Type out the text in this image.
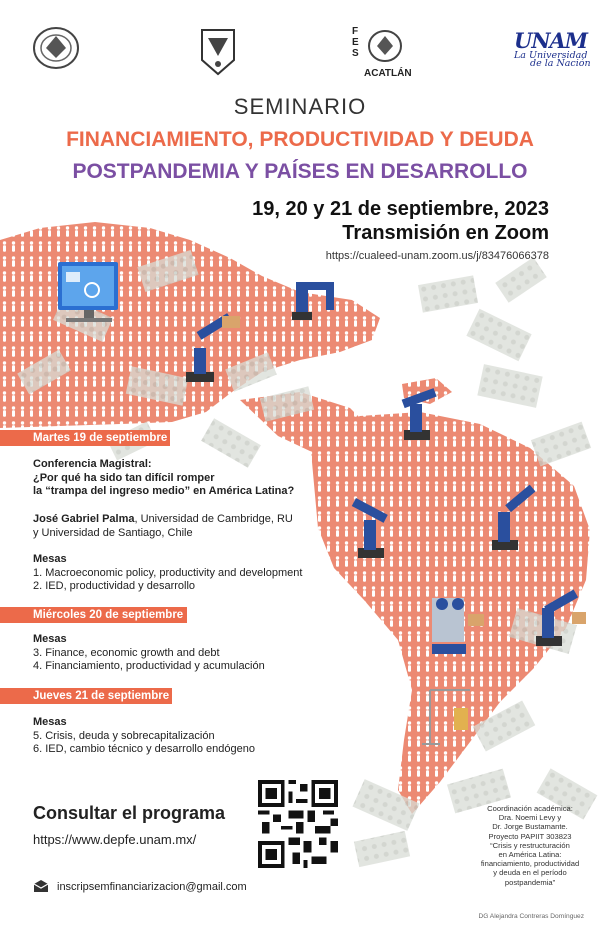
FES
ACATLÁN
UNAM
La Universidad
de la Nación
SEMINARIO
FINANCIAMIENTO, PRODUCTIVIDAD Y DEUDA
POSTPANDEMIA Y PAÍSES EN DESARROLLO
19, 20 y 21 de septiembre, 2023
Transmisión en Zoom
https://cualeed-unam.zoom.us/j/83476066378
Martes 19 de septiembre
Conferencia Magistral:
¿Por qué ha sido tan difícil romper
la “trampa del ingreso medio” en América Latina?
José Gabriel Palma, Universidad de Cambridge, RU
y Universidad de Santiago, Chile
Mesas
1. Macroeconomic policy, productivity and development
2. IED, productividad y desarrollo
Miércoles 20 de septiembre
Mesas
3. Finance, economic growth and debt
4. Financiamiento, productividad y acumulación
Jueves 21 de septiembre
Mesas
5. Crisis, deuda y sobrecapitalización
6. IED, cambio técnico y desarrollo endógeno
Consultar el programa
https://www.depfe.unam.mx/
inscripsemfinanciarizacion@gmail.com
Coordinación académica:
Dra. Noemi Levy y
Dr. Jorge Bustamante.
Proyecto PAPIIT 303823
“Crisis y restructuración
en América Latina:
financiamiento, productividad
y deuda en el período
postpandemia”
DG Alejandra Contreras Domínguez
